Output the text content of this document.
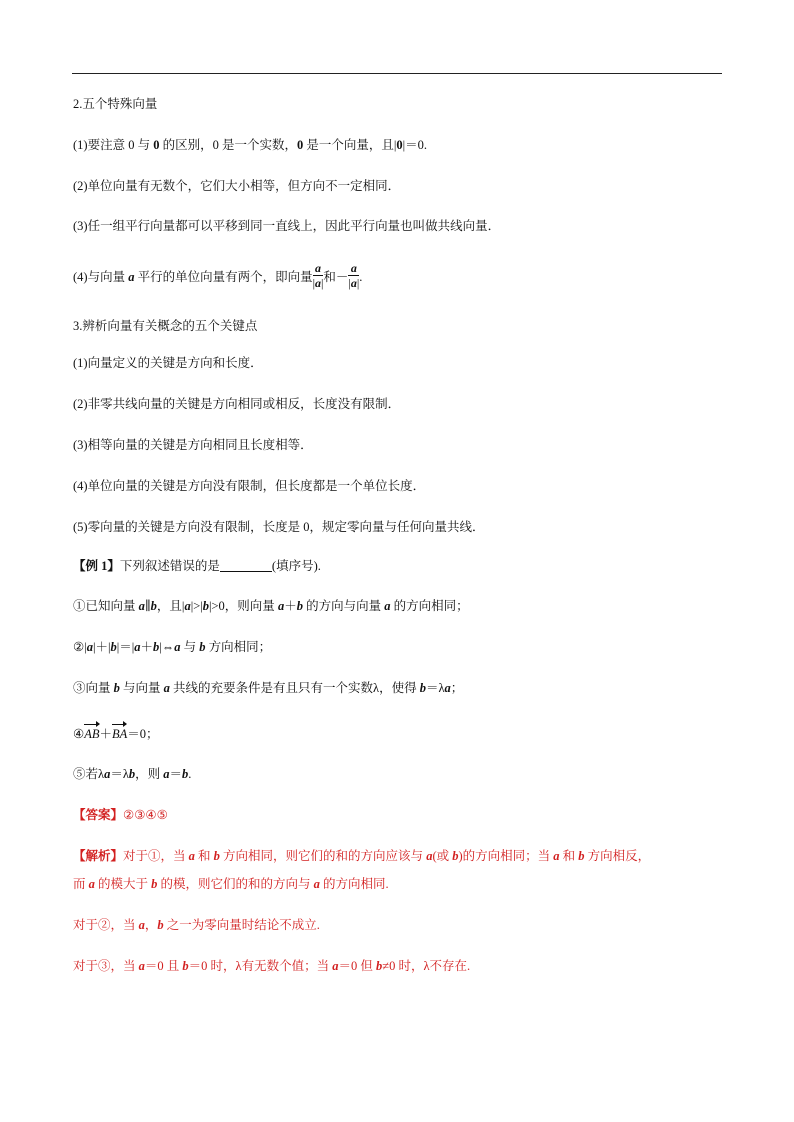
2.五个特殊向量
(1)要注意 0 与 0 的区别，0 是一个实数，0 是一个向量，且|0|＝0.
(2)单位向量有无数个，它们大小相等，但方向不一定相同．
(3)任一组平行向量都可以平移到同一直线上，因此平行向量也叫做共线向量．
(4)与向量 a 平行的单位向量有两个，即向量 $\frac{a}{|a|}$ 和－ $\frac{a}{|a|}$ .
3.辨析向量有关概念的五个关键点
(1)向量定义的关键是方向和长度．
(2)非零共线向量的关键是方向相同或相反，长度没有限制．
(3)相等向量的关键是方向相同且长度相等．
(4)单位向量的关键是方向没有限制，但长度都是一个单位长度．
(5)零向量的关键是方向没有限制，长度是 0，规定零向量与任何向量共线．
【例 1】下列叙述错误的是	(填序号).
①已知向量 a∥b，且|a|>|b|>0，则向量 a＋b 的方向与向量 a 的方向相同；
②|a|＋|b|＝|a＋b|⇔a 与 b 方向相同；
③向量 b 与向量 a 共线的充要条件是有且只有一个实数λ，使得 b＝λa；
④AB＋BA＝0；
⑤若λa＝λb，则 a＝b.
【答案】②③④⑤
【解析】对于①，当 a 和 b 方向相同，则它们的和的方向应该与 a(或 b)的方向相同；当 a 和 b 方向相反，
而 a 的模大于 b 的模，则它们的和的方向与 a 的方向相同.
对于②，当 a，b 之一为零向量时结论不成立.
对于③，当 a＝0 且 b＝0 时，λ有无数个值；当 a＝0 但 b≠0 时，λ不存在.
